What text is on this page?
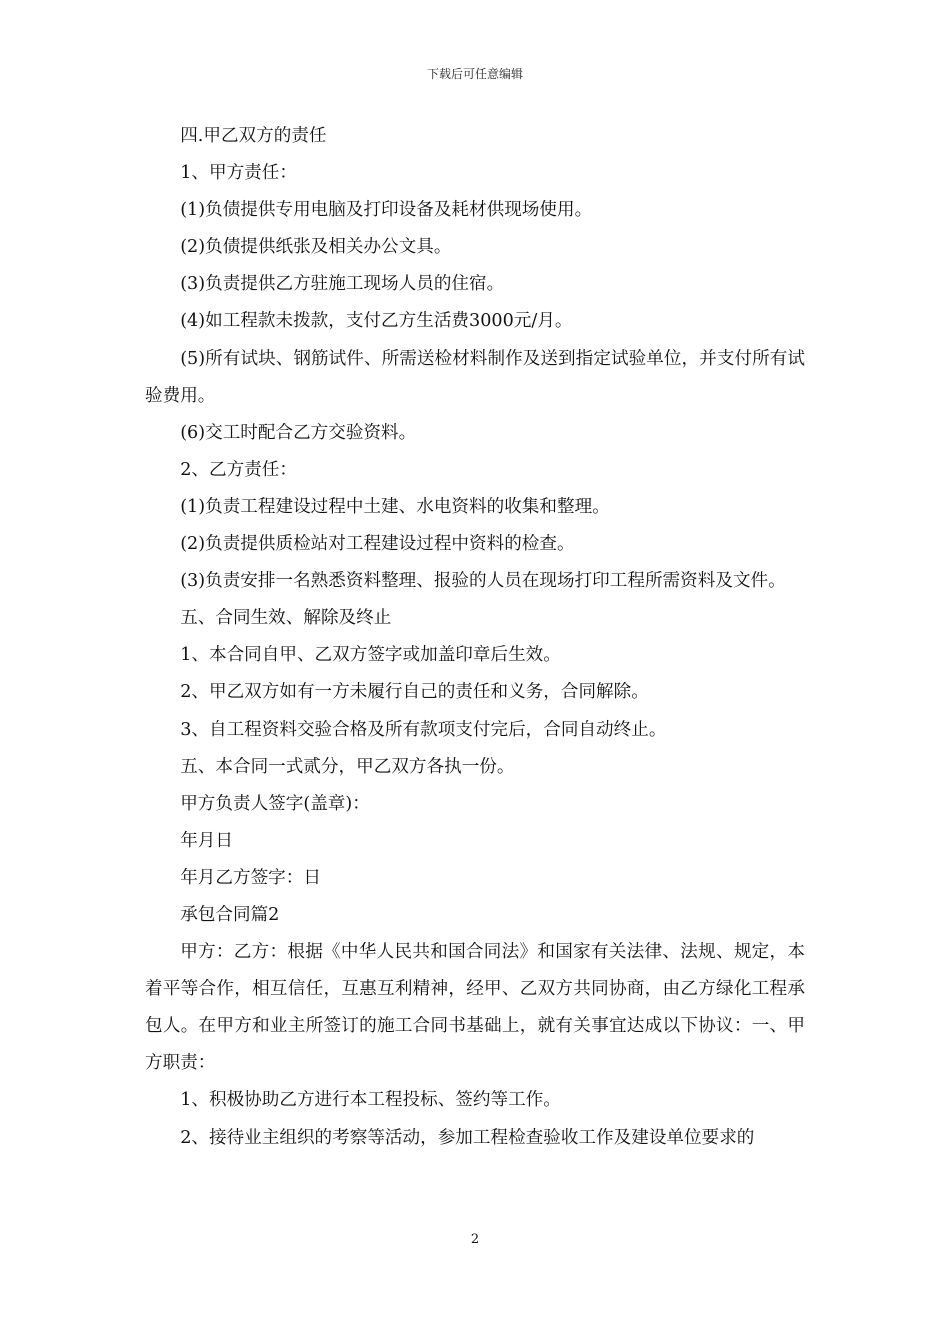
下载后可任意编辑

四.甲乙双方的责任

1、甲方责任：

(1)负债提供专用电脑及打印设备及耗材供现场使用。

(2)负债提供纸张及相关办公文具。

(3)负责提供乙方驻施工现场人员的住宿。

(4)如工程款未拨款，支付乙方生活费3000元/月。

(5)所有试块、钢筋试件、所需送检材料制作及送到指定试验单位，并支付所有试验费用。

(6)交工时配合乙方交验资料。

2、乙方责任：

(1)负责工程建设过程中土建、水电资料的收集和整理。

(2)负责提供质检站对工程建设过程中资料的检查。

(3)负责安排一名熟悉资料整理、报验的人员在现场打印工程所需资料及文件。

五、合同生效、解除及终止

1、本合同自甲、乙双方签字或加盖印章后生效。

2、甲乙双方如有一方未履行自己的责任和义务，合同解除。

3、自工程资料交验合格及所有款项支付完后，合同自动终止。

五、本合同一式贰分，甲乙双方各执一份。

甲方负责人签字(盖章)：

年月日

年月乙方签字：日

承包合同篇2

甲方：乙方：根据《中华人民共和国合同法》和国家有关法律、法规、规定，本着平等合作，相互信任，互惠互利精神，经甲、乙双方共同协商，由乙方绿化工程承包人。在甲方和业主所签订的施工合同书基础上，就有关事宜达成以下协议：一、甲方职责：

1、积极协助乙方进行本工程投标、签约等工作。

2、接待业主组织的考察等活动，参加工程检查验收工作及建设单位要求的

2
